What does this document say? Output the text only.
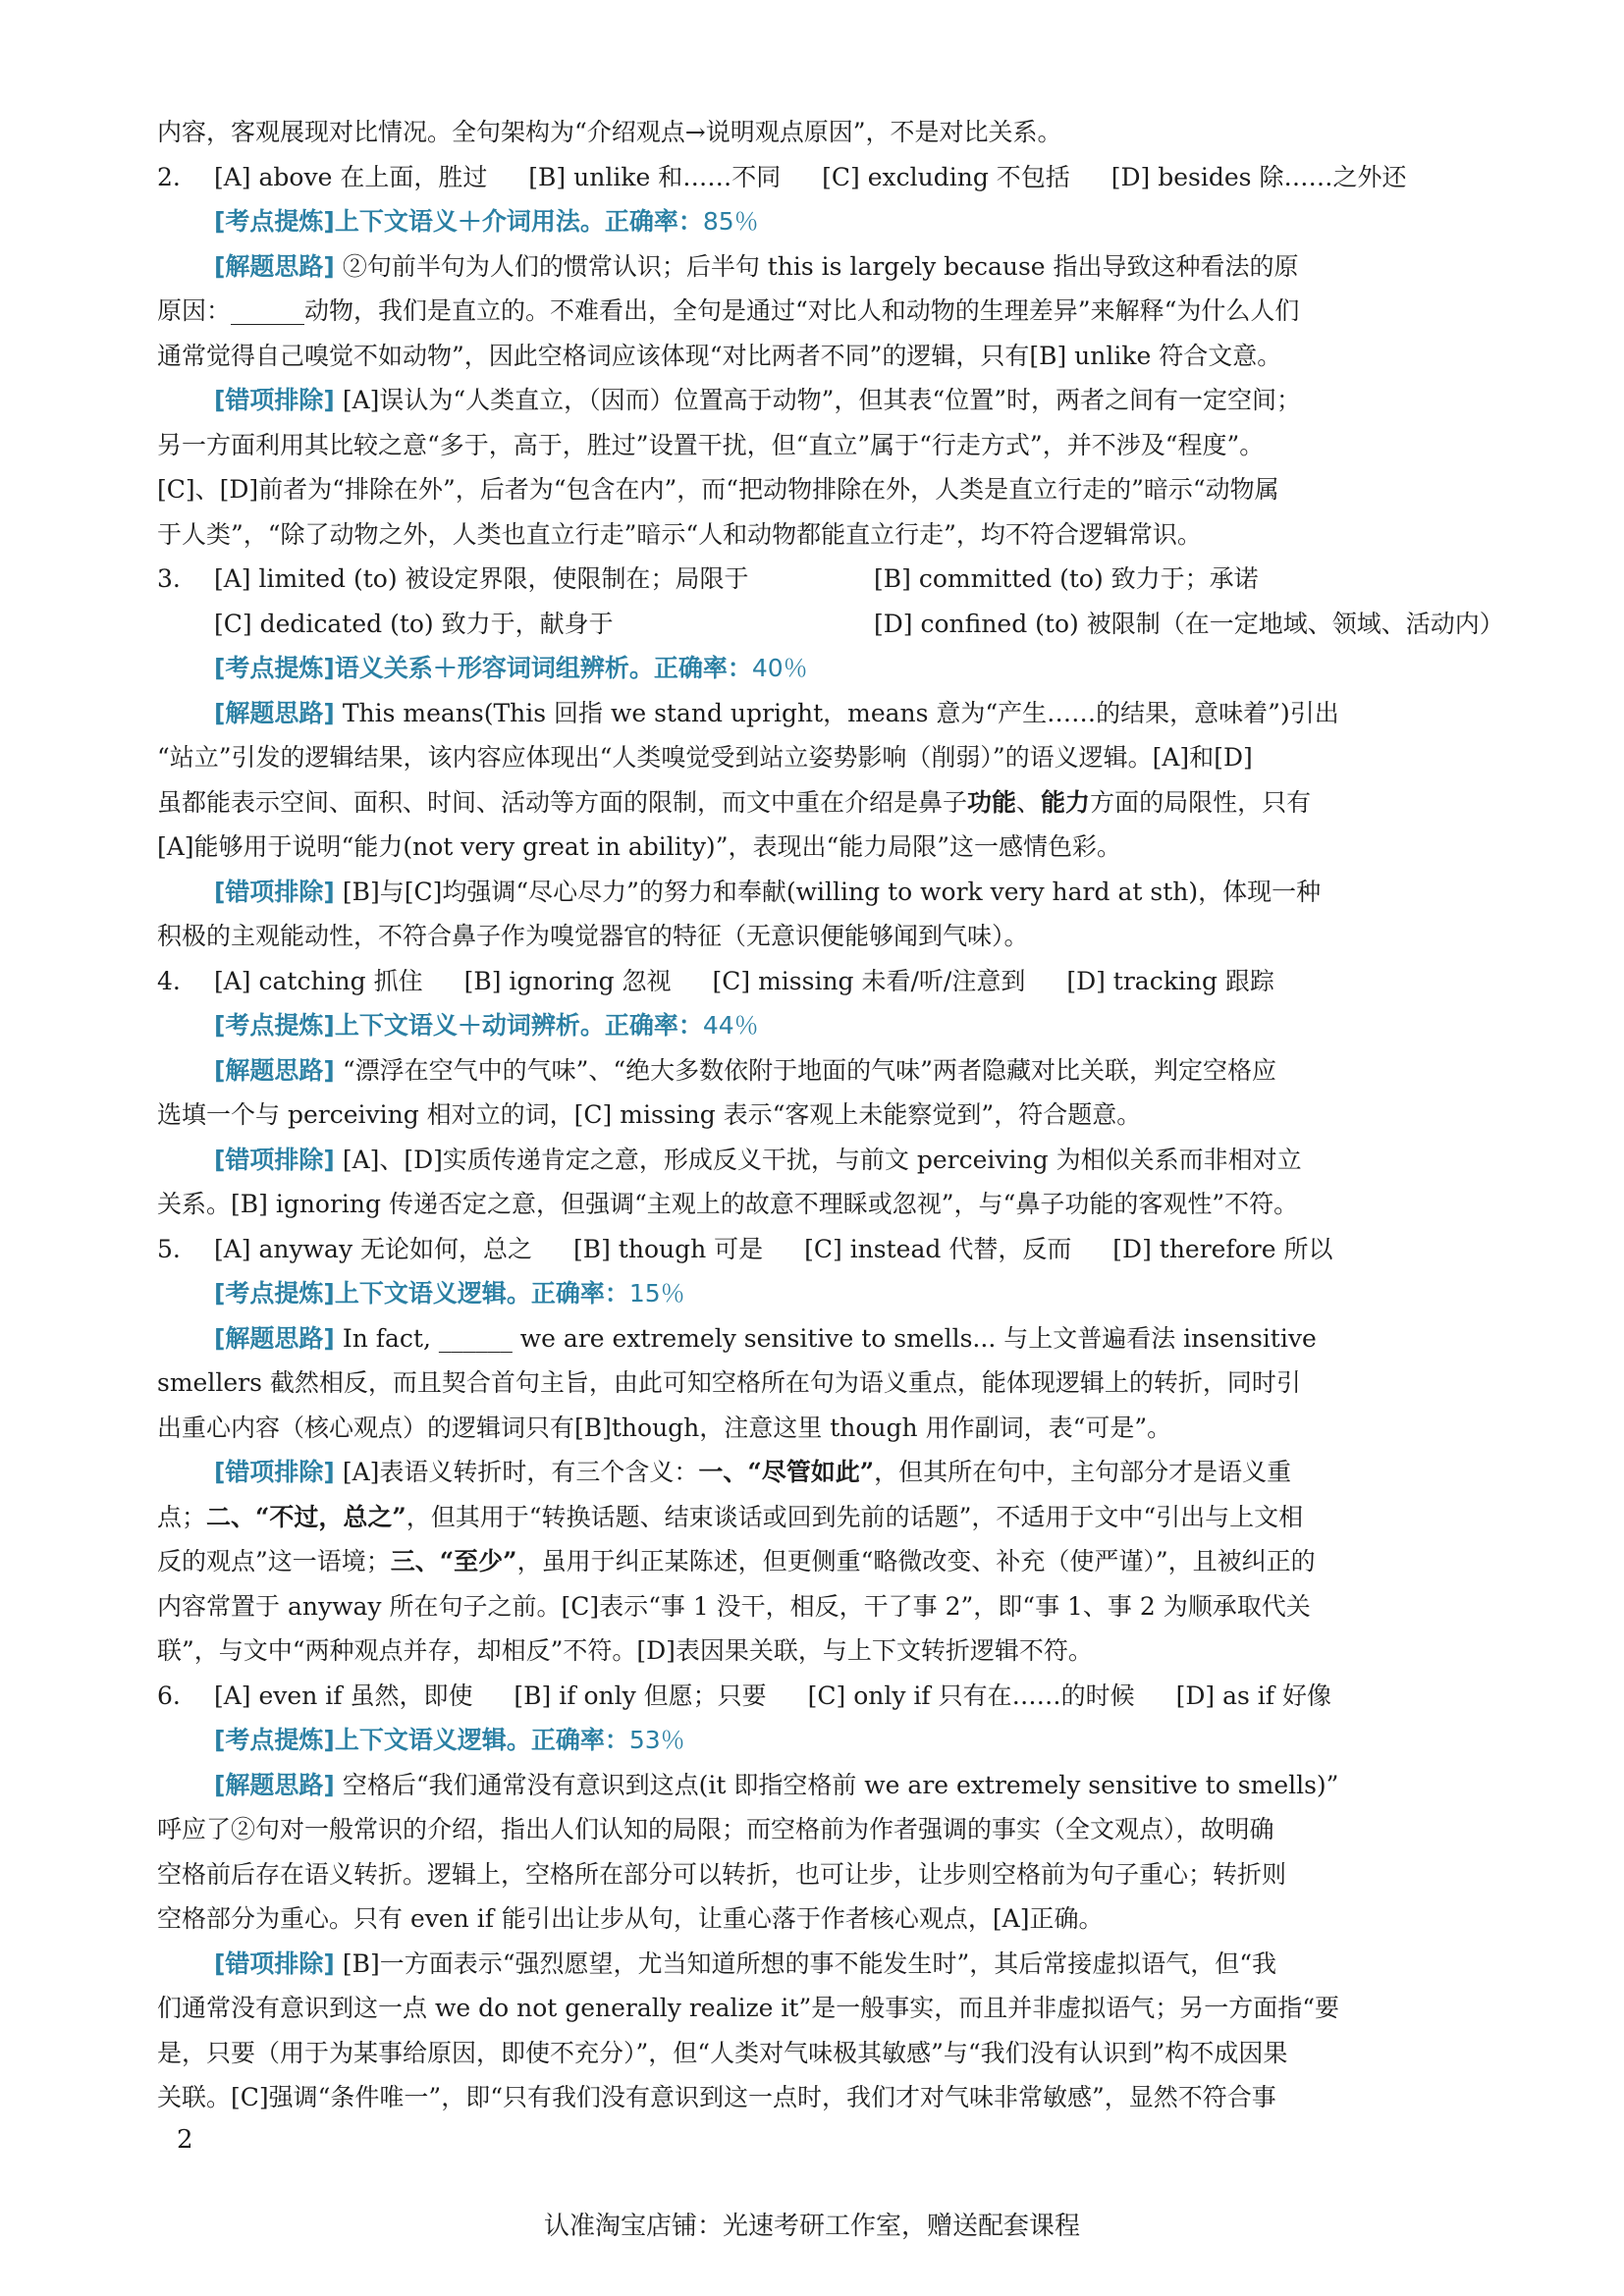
内容，客观展现对比情况。全句架构为“介绍观点→说明观点原因”，不是对比关系。
2. [A] above 在上面，胜过 [B] unlike 和……不同 [C] excluding 不包括 [D] besides 除……之外还
[考点提炼]上下文语义＋介词用法。正确率：85％
[解题思路] ②句前半句为人们的惯常认识；后半句 this is largely because 指出导致这种看法的原
原因：______动物，我们是直立的。不难看出，全句是通过“对比人和动物的生理差异”来解释“为什么人们
通常觉得自己嗅觉不如动物”，因此空格词应该体现“对比两者不同”的逻辑，只有[B] unlike 符合文意。
[错项排除] [A]误认为“人类直立，（因而）位置高于动物”，但其表“位置”时，两者之间有一定空间；
另一方面利用其比较之意“多于，高于，胜过”设置干扰，但“直立”属于“行走方式”，并不涉及“程度”。
[C]、[D]前者为“排除在外”，后者为“包含在内”，而“把动物排除在外，人类是直立行走的”暗示“动物属
于人类”，“除了动物之外，人类也直立行走”暗示“人和动物都能直立行走”，均不符合逻辑常识。
3. [A] limited (to) 被设定界限，使限制在；局限于	[B] committed (to) 致力于；承诺
[C] dedicated (to) 致力于，献身于	[D] confined (to) 被限制（在一定地域、领域、活动内）
[考点提炼]语义关系＋形容词词组辨析。正确率：40％
[解题思路] This means(This 回指 we stand upright，means 意为“产生……的结果，意味着”)引出
“站立”引发的逻辑结果，该内容应体现出“人类嗅觉受到站立姿势影响（削弱）”的语义逻辑。[A]和[D]
虽都能表示空间、面积、时间、活动等方面的限制，而文中重在介绍是鼻子功能、能力方面的局限性，只有
[A]能够用于说明“能力(not very great in ability)”，表现出“能力局限”这一感情色彩。
[错项排除] [B]与[C]均强调“尽心尽力”的努力和奉献(willing to work very hard at sth)，体现一种
积极的主观能动性，不符合鼻子作为嗅觉器官的特征（无意识便能够闻到气味）。
4. [A] catching 抓住 [B] ignoring 忽视 [C] missing 未看/听/注意到 [D] tracking 跟踪
[考点提炼]上下文语义＋动词辨析。正确率：44％
[解题思路] “漂浮在空气中的气味”、“绝大多数依附于地面的气味”两者隐藏对比关联，判定空格应
选填一个与 perceiving 相对立的词，[C] missing 表示“客观上未能察觉到”，符合题意。
[错项排除] [A]、[D]实质传递肯定之意，形成反义干扰，与前文 perceiving 为相似关系而非相对立
关系。[B] ignoring 传递否定之意，但强调“主观上的故意不理睬或忽视”，与“鼻子功能的客观性”不符。
5. [A] anyway 无论如何，总之 [B] though 可是 [C] instead 代替，反而 [D] therefore 所以
[考点提炼]上下文语义逻辑。正确率：15％
[解题思路] In fact, ______ we are extremely sensitive to smells... 与上文普遍看法 insensitive
smellers 截然相反，而且契合首句主旨，由此可知空格所在句为语义重点，能体现逻辑上的转折，同时引
出重心内容（核心观点）的逻辑词只有[B]though，注意这里 though 用作副词，表“可是”。
[错项排除] [A]表语义转折时，有三个含义：一、“尽管如此”，但其所在句中，主句部分才是语义重
点；二、“不过，总之”，但其用于“转换话题、结束谈话或回到先前的话题”，不适用于文中“引出与上文相
反的观点”这一语境；三、“至少”，虽用于纠正某陈述，但更侧重“略微改变、补充（使严谨）”，且被纠正的
内容常置于 anyway 所在句子之前。[C]表示“事 1 没干，相反，干了事 2”，即“事 1、事 2 为顺承取代关
联”，与文中“两种观点并存，却相反”不符。[D]表因果关联，与上下文转折逻辑不符。
6. [A] even if 虽然，即使 [B] if only 但愿；只要 [C] only if 只有在……的时候 [D] as if 好像
[考点提炼]上下文语义逻辑。正确率：53％
[解题思路] 空格后“我们通常没有意识到这点(it 即指空格前 we are extremely sensitive to smells)”
呼应了②句对一般常识的介绍，指出人们认知的局限；而空格前为作者强调的事实（全文观点），故明确
空格前后存在语义转折。逻辑上，空格所在部分可以转折，也可让步，让步则空格前为句子重心；转折则
空格部分为重心。只有 even if 能引出让步从句，让重心落于作者核心观点，[A]正确。
[错项排除] [B]一方面表示“强烈愿望，尤当知道所想的事不能发生时”，其后常接虚拟语气，但“我
们通常没有意识到这一点 we do not generally realize it”是一般事实，而且并非虚拟语气；另一方面指“要
是，只要（用于为某事给原因，即使不充分）”，但“人类对气味极其敏感”与“我们没有认识到”构不成因果
关联。[C]强调“条件唯一”，即“只有我们没有意识到这一点时，我们才对气味非常敏感”，显然不符合事
2
认准淘宝店铺：光速考研工作室，赠送配套课程
